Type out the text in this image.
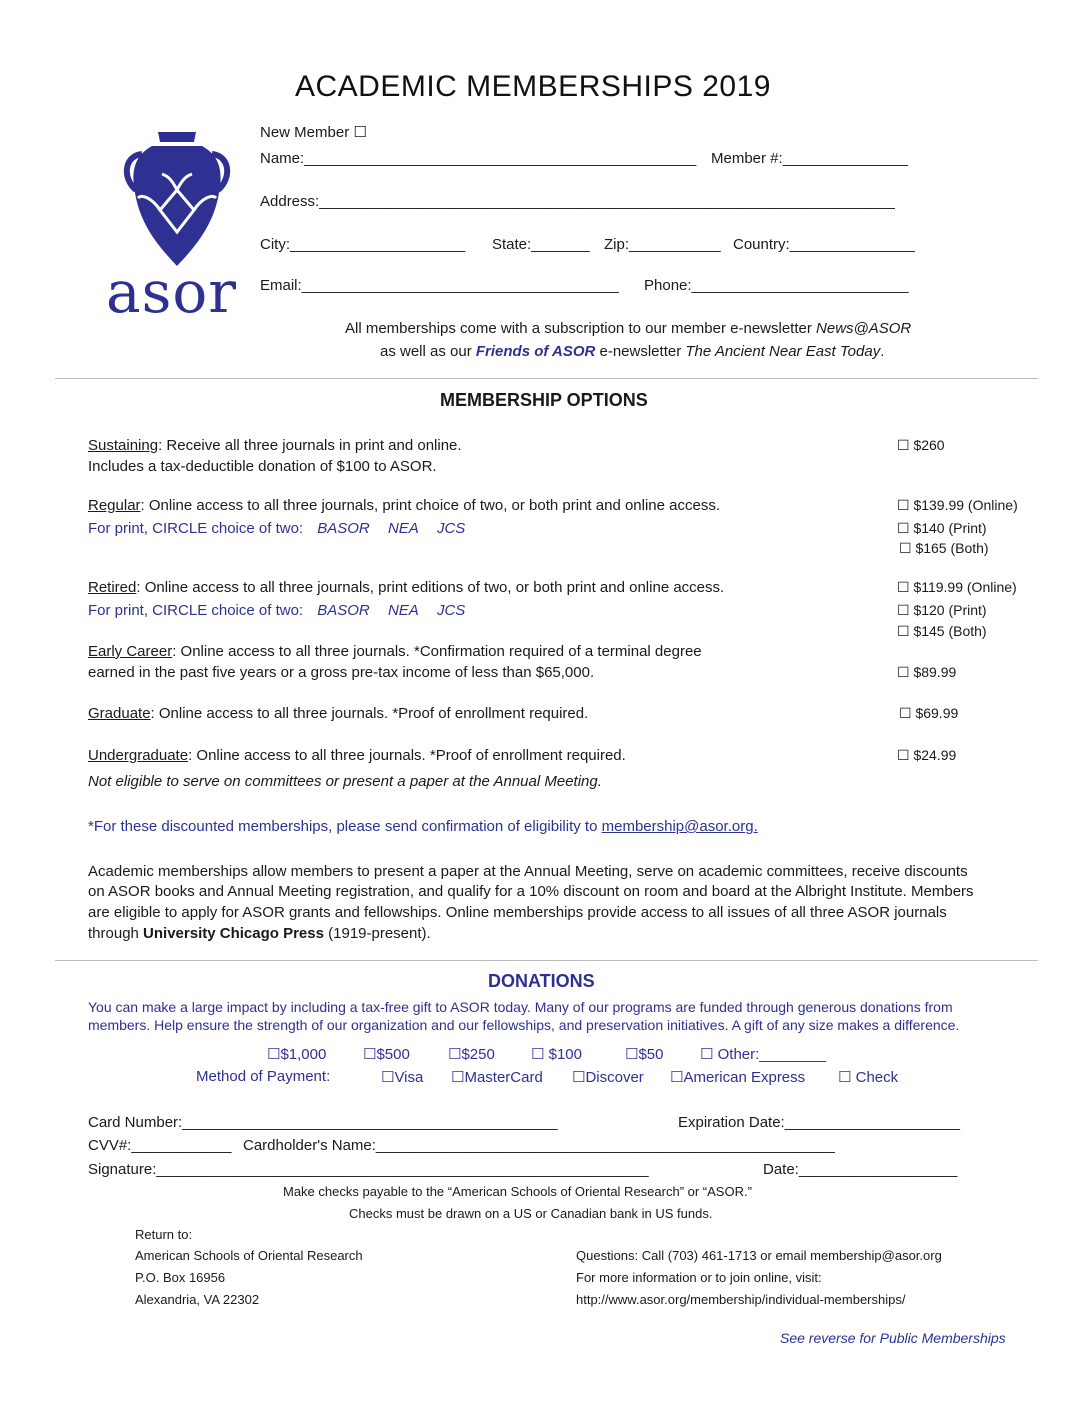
ACADEMIC MEMBERSHIPS 2019
asor
New Member ☐
Name:_______________________________________________ Member #:_______________
Address:_____________________________________________________________________
City:_____________________ State:_______ Zip:___________ Country:_______________
Email:______________________________________ Phone:__________________________
All memberships come with a subscription to our member e-newsletter News@ASOR
as well as our Friends of ASOR e-newsletter The Ancient Near East Today.
MEMBERSHIP OPTIONS
Sustaining: Receive all three journals in print and online.
Includes a tax-deductible donation of $100 to ASOR.
☐ $260
Regular: Online access to all three journals, print choice of two, or both print and online access.
For print, CIRCLE choice of two: BASOR NEA JCS
☐ $139.99 (Online)
☐ $140 (Print)
☐ $165 (Both)
Retired: Online access to all three journals, print editions of two, or both print and online access.
For print, CIRCLE choice of two: BASOR NEA JCS
☐ $119.99 (Online)
☐ $120 (Print)
☐ $145 (Both)
Early Career: Online access to all three journals. *Confirmation required of a terminal degree
earned in the past five years or a gross pre-tax income of less than $65,000.	☐ $89.99
Graduate: Online access to all three journals. *Proof of enrollment required.	☐ $69.99
Undergraduate: Online access to all three journals. *Proof of enrollment required.	☐ $24.99
Not eligible to serve on committees or present a paper at the Annual Meeting.
*For these discounted memberships, please send confirmation of eligibility to membership@asor.org.
Academic memberships allow members to present a paper at the Annual Meeting, serve on academic committees, receive discounts
on ASOR books and Annual Meeting registration, and qualify for a 10% discount on room and board at the Albright Institute. Members
are eligible to apply for ASOR grants and fellowships. Online memberships provide access to all issues of all three ASOR journals
through University Chicago Press (1919-present).
DONATIONS
You can make a large impact by including a tax-free gift to ASOR today. Many of our programs are funded through generous donations from
members. Help ensure the strength of our organization and our fellowships, and preservation initiatives. A gift of any size makes a difference.
☐$1,000 ☐$500	☐$250 ☐ $100	☐$50 ☐ Other:________
Method of Payment:	☐Visa ☐MasterCard ☐Discover ☐American Express ☐ Check
Card Number:_____________________________________________	Expiration Date:_____________________
CVV#:____________ Cardholder's Name:_______________________________________________________
Signature:___________________________________________________________	Date:___________________
Make checks payable to the “American Schools of Oriental Research” or “ASOR.”
Checks must be drawn on a US or Canadian bank in US funds.
Return to:
American Schools of Oriental Research
P.O. Box 16956
Alexandria, VA 22302
Questions: Call (703) 461-1713 or email membership@asor.org
For more information or to join online, visit:
http://www.asor.org/membership/individual-memberships/
See reverse for Public Memberships
